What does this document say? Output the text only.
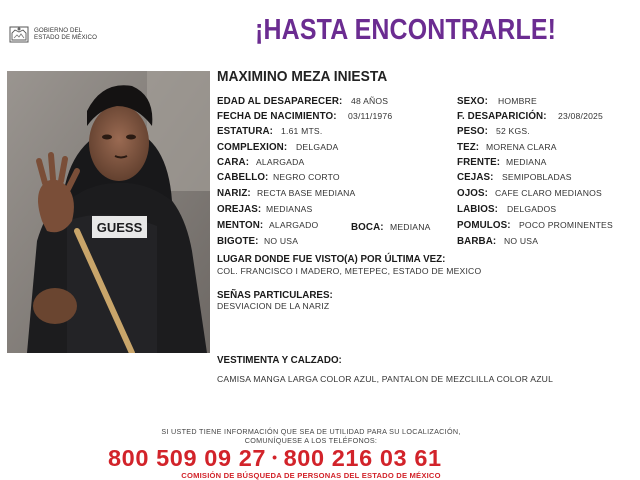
GOBIERNO DEL
ESTADO DE MÉXICO	¡HASTA ENCONTRARLE!
GUESS
MAXIMINO MEZA INIESTA
EDAD AL DESAPARECER: 48 AÑOS
FECHA DE NACIMIENTO: 03/11/1976
ESTATURA: 1.61 MTS.
COMPLEXION: DELGADA
CARA: ALARGADA
CABELLO: NEGRO CORTO
NARIZ: RECTA BASE MEDIANA
OREJAS: MEDIANAS
MENTON: ALARGADO	BOCA: MEDIANA
BIGOTE: NO USA
SEXO: HOMBRE
F. DESAPARICIÓN: 23/08/2025
PESO: 52 KGS.
TEZ: MORENA CLARA
FRENTE: MEDIANA
CEJAS: SEMIPOBLADAS
OJOS: CAFE CLARO MEDIANOS
LABIOS: DELGADOS
POMULOS: POCO PROMINENTES
BARBA: NO USA
LUGAR DONDE FUE VISTO(A) POR ÚLTIMA VEZ:
COL. FRANCISCO I MADERO, METEPEC, ESTADO DE MEXICO
SEÑAS PARTICULARES:
DESVIACION DE LA NARIZ
VESTIMENTA Y CALZADO:
CAMISA MANGA LARGA COLOR AZUL, PANTALON DE MEZCLILLA COLOR AZUL
SI USTED TIENE INFORMACIÓN QUE SEA DE UTILIDAD PARA SU LOCALIZACIÓN,
COMUNÍQUESE A LOS TELÉFONOS:
800 509 09 27 • 800 216 03 61
COMISIÓN DE BÚSQUEDA DE PERSONAS DEL ESTADO DE MÉXICO
